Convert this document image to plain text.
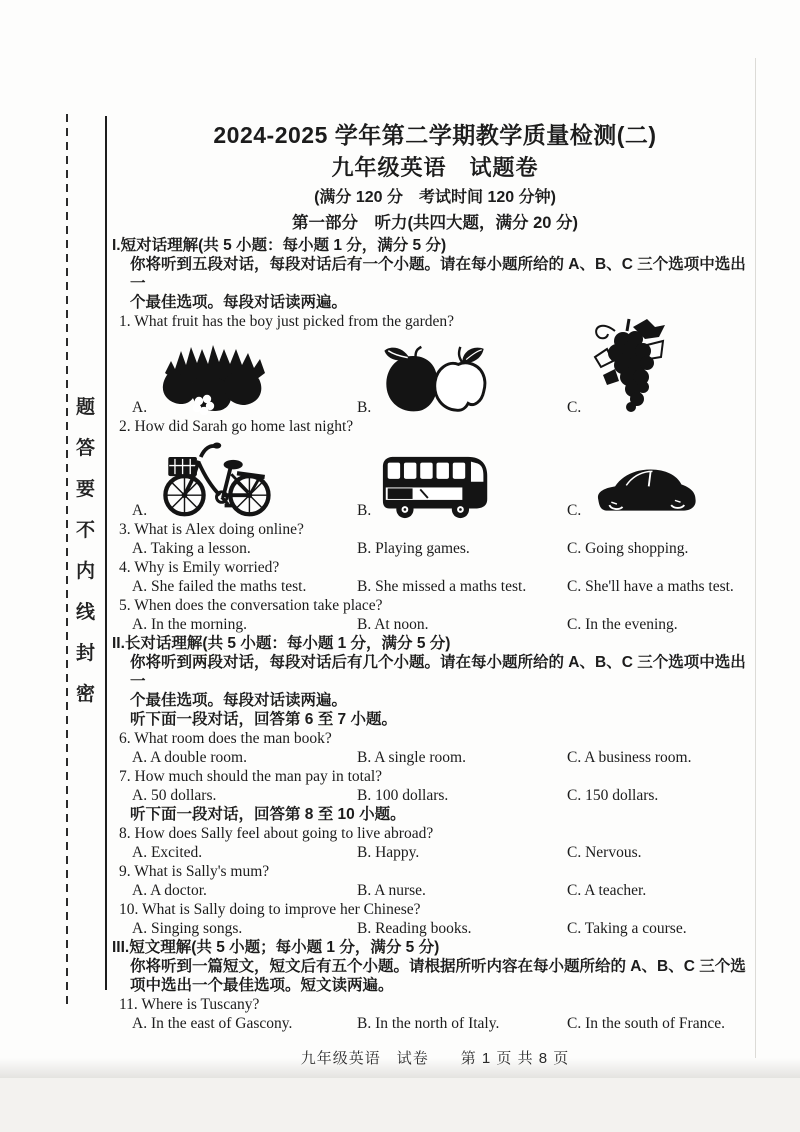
题
答
要
不
内
线
封
密
2024-2025 学年第二学期教学质量检测(二)
九年级英语　试题卷
(满分 120 分　考试时间 120 分钟)
第一部分　听力(共四大题，满分 20 分)
I.短对话理解(共 5 小题：每小题 1 分，满分 5 分)
你将听到五段对话，每段对话后有一个小题。请在每小题所给的 A、B、C 三个选项中选出一
个最佳选项。每段对话读两遍。
1. What fruit has the boy just picked from the garden?
A.	B.	C.
2. How did Sarah go home last night?
A.	B.	C.
3. What is Alex doing online?
A. Taking a lesson.	B. Playing games.	C. Going shopping.
4. Why is Emily worried?
A. She failed the maths test.	B. She missed a maths test.	C. She'll have a maths test.
5. When does the conversation take place?
A. In the morning.	B. At noon.	C. In the evening.
II.长对话理解(共 5 小题：每小题 1 分，满分 5 分)
你将听到两段对话，每段对话后有几个小题。请在每小题所给的 A、B、C 三个选项中选出一
个最佳选项。每段对话读两遍。
听下面一段对话，回答第 6 至 7 小题。
6. What room does the man book?
A. A double room.	B. A single room.	C. A business room.
7. How much should the man pay in total?
A. 50 dollars.	B. 100 dollars.	C. 150 dollars.
听下面一段对话，回答第 8 至 10 小题。
8. How does Sally feel about going to live abroad?
A. Excited.	B. Happy.	C. Nervous.
9. What is Sally's mum?
A. A doctor.	B. A nurse.	C. A teacher.
10. What is Sally doing to improve her Chinese?
A. Singing songs.	B. Reading books.	C. Taking a course.
III.短文理解(共 5 小题；每小题 1 分，满分 5 分)
你将听到一篇短文，短文后有五个小题。请根据所听内容在每小题所给的 A、B、C 三个选
项中选出一个最佳选项。短文读两遍。
11. Where is Tuscany?
A. In the east of Gascony.	B. In the north of Italy.	C. In the south of France.
九年级英语　试卷　　第 1 页 共 8 页
